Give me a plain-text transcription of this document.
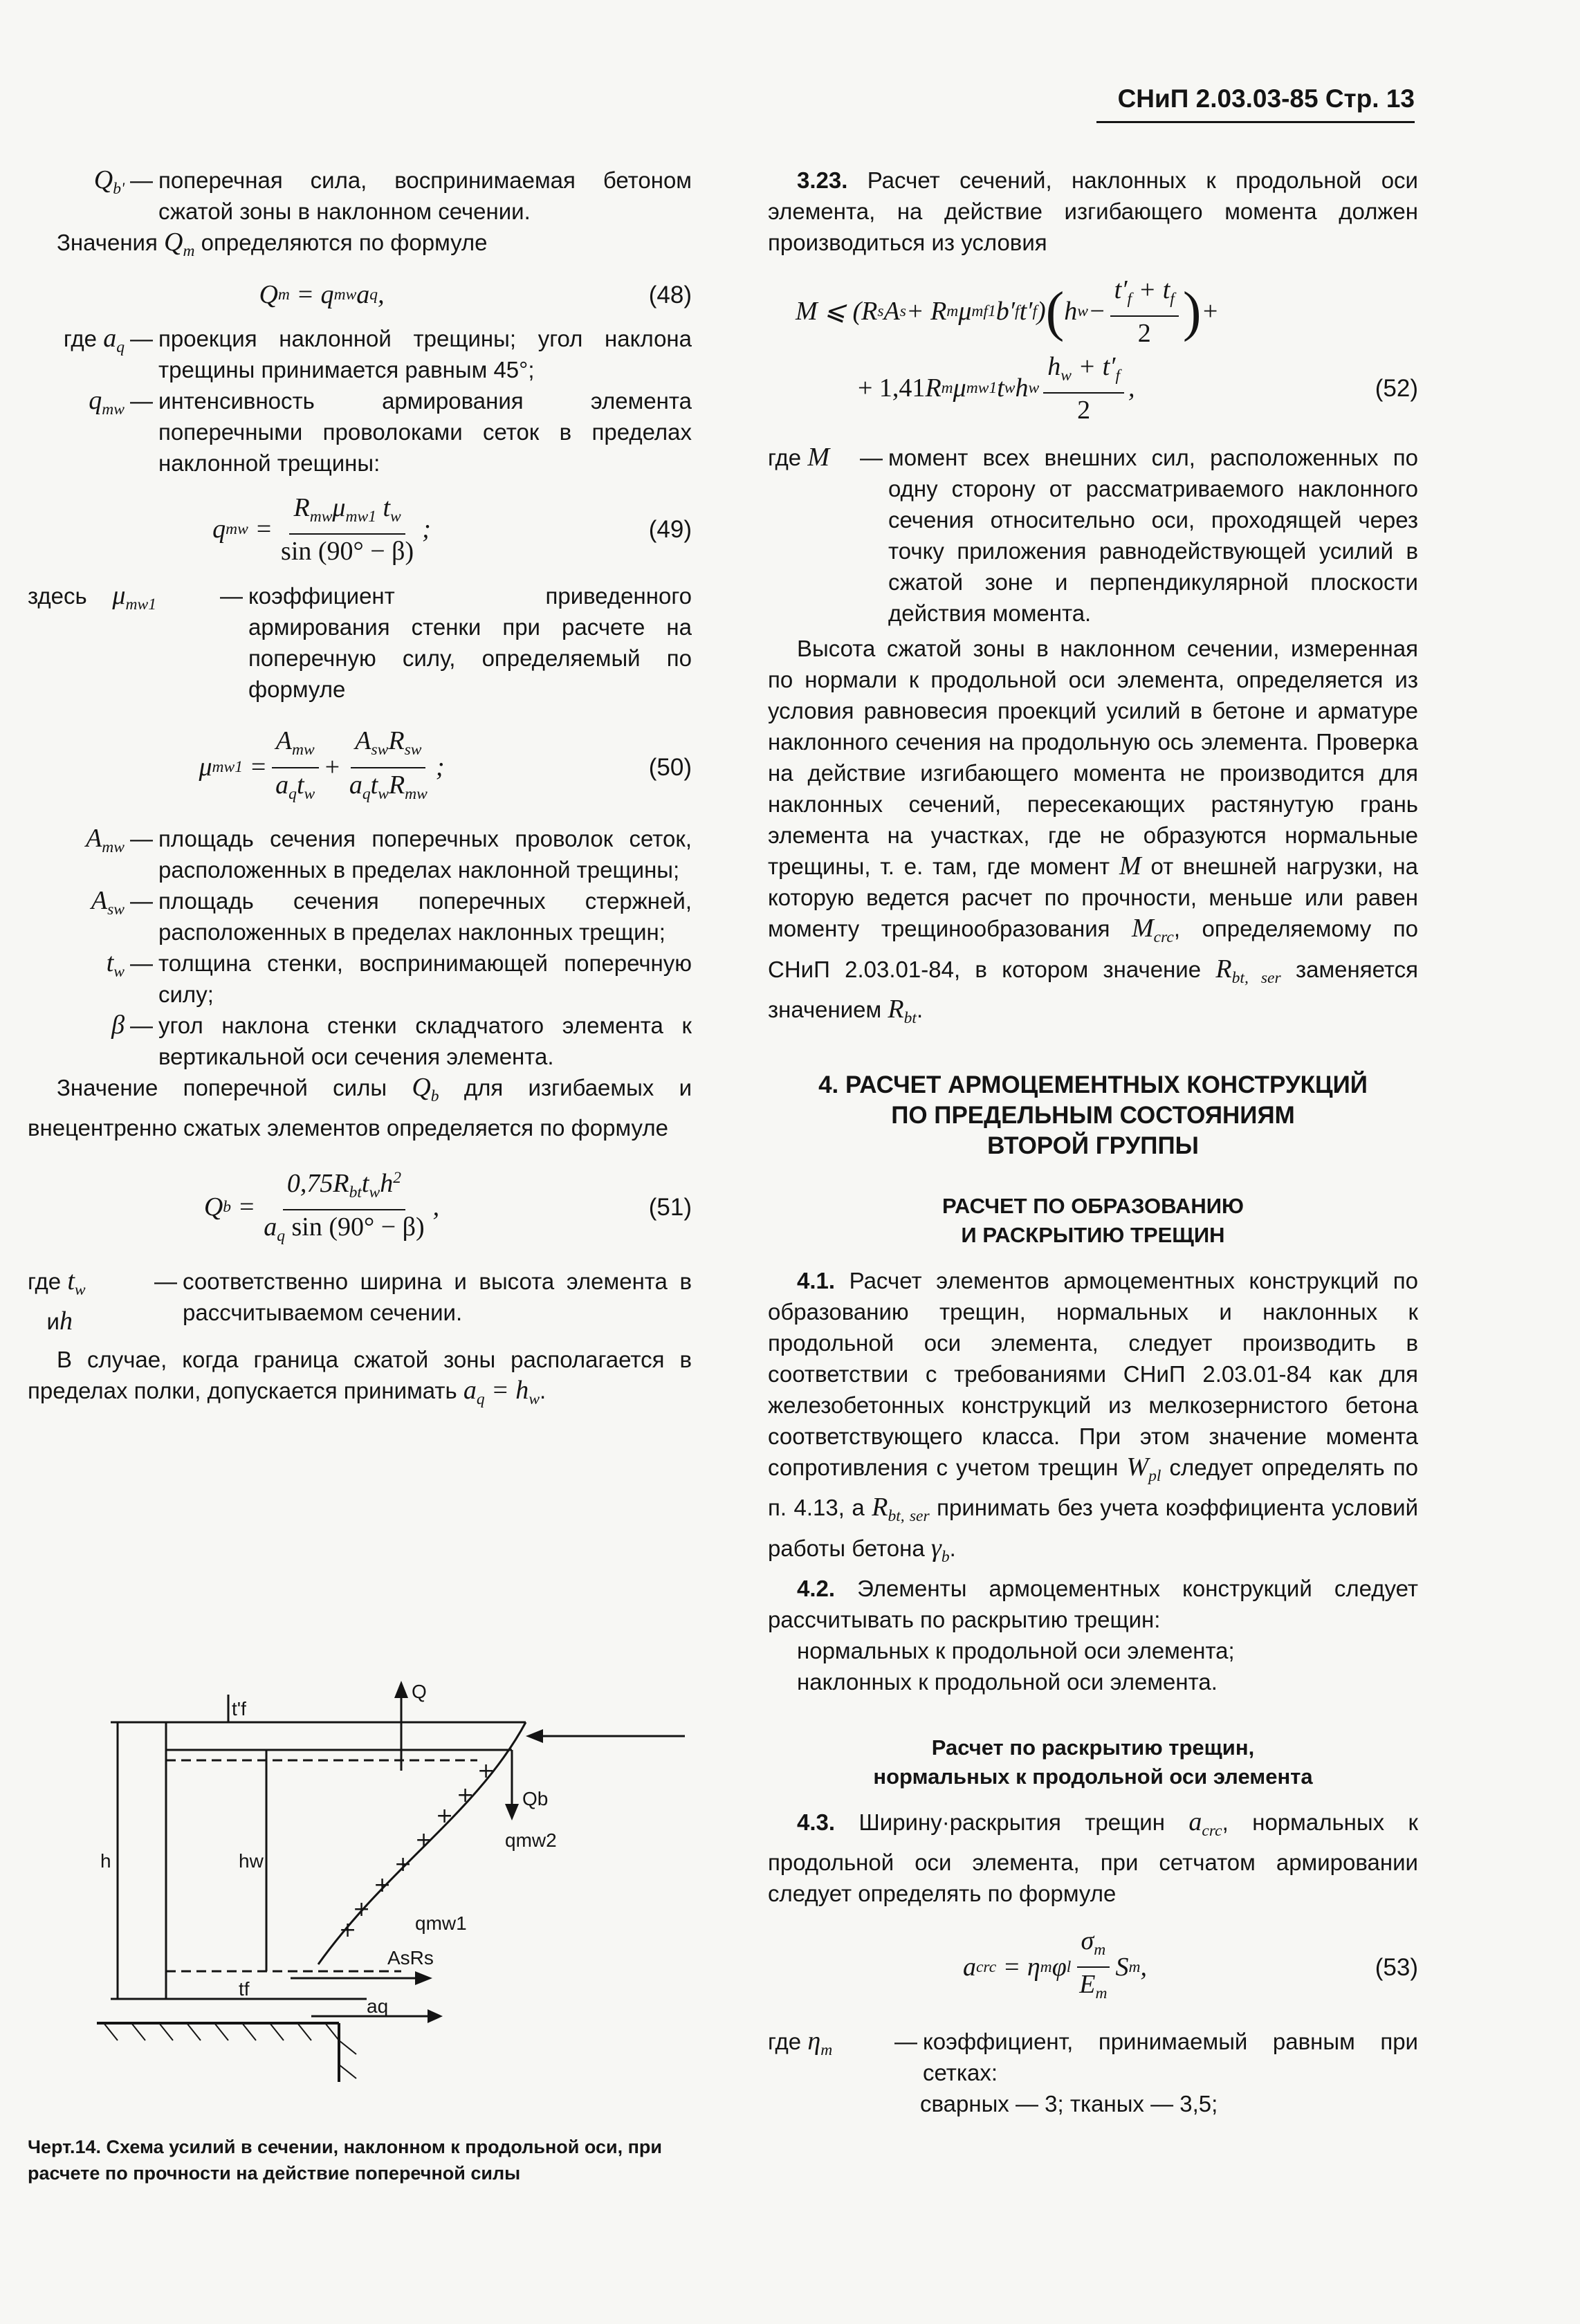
СНиП 2.03.03-85 Стр. 13
$Q_{b'}$ — поперечная сила, воспринимаемая бетоном сжатой зоны в наклонном сечении.

Значения $Q_m$ определяются по формуле

Q m
= q mw a q ,	(48)
где $a_q$ — проекция наклонной трещины; угол наклона трещины принимается равным 45°;
$q_{mw}$ — интенсивность армирования элемента поперечными проволоками сеток в пределах наклонной трещины:
q mw = $\frac{R_{mw}\mu_{mw1} t_w}{\sin (90^\circ - \beta)}$ ;	(49)
здесь $\mu_{mw1}$	— коэффициент приведенного армирования стенки при расчете на поперечную силу, определяемый по формуле
μ $mw1 = \frac{A_{mw}}{a_qt_w} + \frac{A_{sw}R_{sw}}{a_qt_wR_{mw}}$ ;	(50)
$A_{mw}$ — площадь сечения поперечных проволок сеток, расположенных в пределах наклонной трещины;
$A_{sw}$ — площадь сечения поперечных стержней, расположенных в пределах наклонных трещин;
$t_w$ — толщина стенки, воспринимающей поперечную силу;
β — угол наклона стенки складчатого элемента к вертикальной оси сечения элемента.

Значение поперечной силы $Q_b$ для изгибаемых и внецентренно сжатых элементов определяется по формуле

Q $b = \frac{0,75R_{bt}t_wh^2}{a_q \sin (90^\circ - \beta)}$ ,	(51)
где $t_w$
иh
— соответственно ширина и высота элемента в рассчитываемом сечении.

В случае, когда граница сжатой зоны располагается в пределах полки, допускается принимать $a_q = h_w$.

+
+
+
+
+
+
+
+
t'f
Q
Qb
qmw2
qmw1
AsRs
h	hw
tf
aq
Черт.14. Схема усилий в сечении, наклонном к продольной оси, при расчете по прочности на действие поперечной силы

3.23. Расчет сечений, наклонных к продольной оси элемента, на действие изгибающего момента должен производиться из условия

M ⩽ (R s A s + R m μ mf1 b′ f t′ f ) ( h $w - \frac{t'_f + t_f}{2}$ ) +
+ 1,41 R m μ mw1 t w h w $\frac{h_w + t'_f}{2}$ ,	(52)
где M	— момент всех внешних сил, расположенных по одну сторону от рассматриваемого наклонного сечения относительно оси, проходящей через точку приложения равнодействующей усилий в сжатой зоне и перпендикулярной плоскости действия момента.

Высота сжатой зоны в наклонном сечении, измеренная по нормали к продольной оси элемента, определяется из условия равновесия проекций усилий в бетоне и арматуре наклонного сечения на продольную ось элемента. Проверка на действие изгибающего момента не производится для наклонных сечений, пересекающих растянутую грань элемента на участках, где не образуются нормальные трещины, т. е. там, где момент M от внешней нагрузки, на которую ведется расчет по прочности, меньше или равен моменту трещинообразования $M_{crc}$, определяемому по СНиП 2.03.01-84, в котором значение $R_{bt, ser}$ заменяется значением $R_{bt}$.

4. РАСЧЕТ АРМОЦЕМЕНТНЫХ КОНСТРУКЦИЙ
ПО ПРЕДЕЛЬНЫМ СОСТОЯНИЯМ
ВТОРОЙ ГРУППЫ
РАСЧЕТ ПО ОБРАЗОВАНИЮ
И РАСКРЫТИЮ ТРЕЩИН

4.1. Расчет элементов армоцементных конструкций по образованию трещин, нормальных и наклонных к продольной оси элемента, следует производить в соответствии с требованиями СНиП 2.03.01-84 как для железобетонных конструкций из мелкозернистого бетона соответствующего класса. При этом значение момента сопротивления с учетом трещин $W_{pl}$ следует определять по п. 4.13, а $R_{bt, ser}$ принимать без учета коэффициента условий работы бетона $\gamma_b$.

4.2. Элементы армоцементных конструкций следует рассчитывать по раскрытию трещин:

нормальных к продольной оси элемента;

наклонных к продольной оси элемента.

Расчет по раскрытию трещин,
нормальных к продольной оси элемента

4.3. Ширину·раскрытия трещин $a_{crc}$, нормальных к продольной оси элемента, при сетчатом армировании следует определять по формуле

a crc = η m φ l $\frac{\sigma_m}{E_m}$ S m ,	(53)
где $\eta_m$	— коэффициент, принимаемый равным при сетках:

сварных — 3; тканых — 3,5;
